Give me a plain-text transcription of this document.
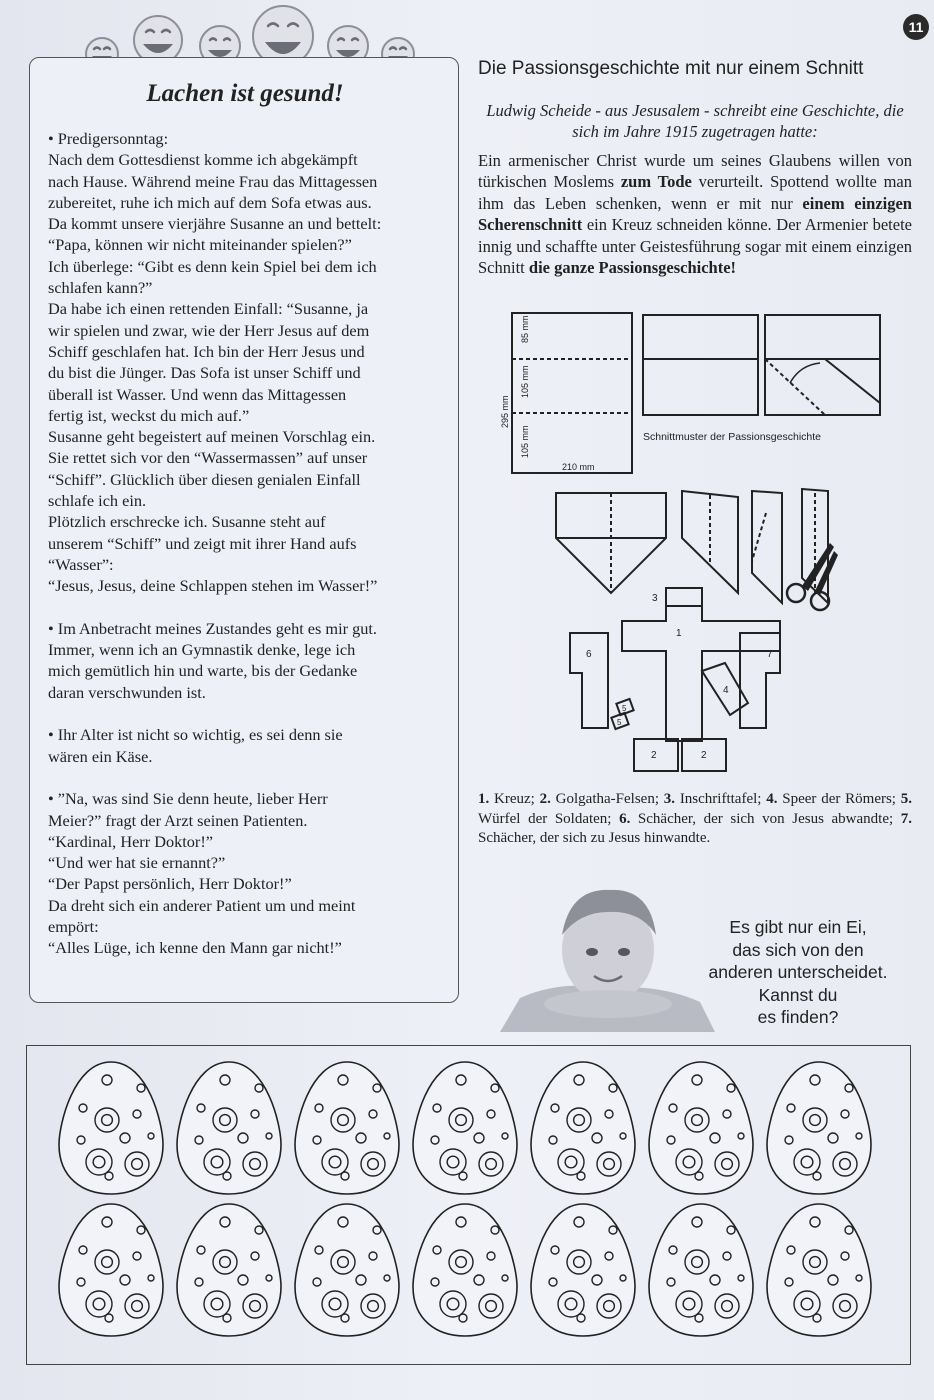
11
Lachen ist gesund!
• Predigersonntag:
Nach dem Gottesdienst komme ich abgekämpft
nach Hause. Während meine Frau das Mittagessen
zubereitet, ruhe ich mich auf dem Sofa etwas aus.
Da kommt unsere vierjähre Susanne an und bettelt:
“Papa, können wir nicht miteinander spielen?”
Ich überlege: “Gibt es denn kein Spiel bei dem ich
schlafen kann?”
Da habe ich einen rettenden Einfall: “Susanne, ja
wir spielen und zwar, wie der Herr Jesus auf dem
Schiff geschlafen hat. Ich bin der Herr Jesus und
du bist die Jünger. Das Sofa ist unser Schiff und
überall ist Wasser. Und wenn das Mittagessen
fertig ist, weckst du mich auf.”
Susanne geht begeistert auf meinen Vorschlag ein.
Sie rettet sich vor den “Wassermassen” auf unser
“Schiff”. Glücklich über diesen genialen Einfall
schlafe ich ein.
Plötzlich erschrecke ich. Susanne steht auf
unserem “Schiff” und zeigt mit ihrer Hand aufs
“Wasser”:
“Jesus, Jesus, deine Schlappen stehen im Wasser!”

• Im Anbetracht meines Zustandes geht es mir gut.
Immer, wenn ich an Gymnastik denke, lege ich
mich gemütlich hin und warte, bis der Gedanke
daran verschwunden ist.

• Ihr Alter ist nicht so wichtig, es sei denn sie
wären ein Käse.

• ”Na, was sind Sie denn heute, lieber Herr
Meier?” fragt der Arzt seinen Patienten.
“Kardinal, Herr Doktor!”
“Und wer hat sie ernannt?”
“Der Papst persönlich, Herr Doktor!”
Da dreht sich ein anderer Patient um und meint
empört:
“Alles Lüge, ich kenne den Mann gar nicht!”
Die Passionsgeschichte mit nur einem Schnitt
Ludwig Scheide - aus Jesusalem - schreibt eine Geschichte, die sich im Jahre 1915 zugetragen hatte:
Ein armenischer Christ wurde um seines Glaubens willen von türkischen Moslems zum Tode verurteilt. Spottend wollte man ihm das Leben schenken, wenn er mit nur einem einzigen Scherenschnitt ein Kreuz schneiden könne. Der Armenier betete innig und schaffte unter Geistesführung sogar mit einem einzigen Schnitt die ganze Passionsgeschichte!
85 mm
105 mm
105 mm
295 mm
210 mm
Schnittmuster der Passionsgeschichte
1
2	2
3
4
5
5
6	7
1. Kreuz; 2. Golgatha-Felsen; 3. Inschrifttafel; 4. Speer der Römers; 5. Würfel der Soldaten; 6. Schächer, der sich von Jesus abwandte; 7. Schächer, der sich zu Jesus hinwandte.
Es gibt nur ein Ei,
das sich von den
anderen unterscheidet.
Kannst du
es finden?
